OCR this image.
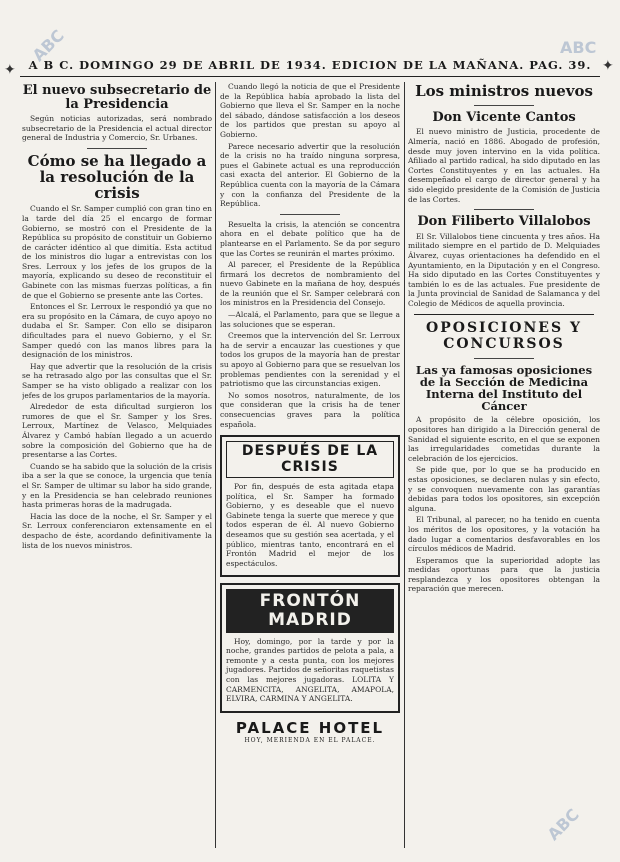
ABC	ABC
ABC
✦	✦
A B C. DOMINGO 29 DE ABRIL DE 1934. EDICION DE LA MAÑANA. PAG. 39.
El nuevo subsecretario de la Presidencia

Según noticias autorizadas, será nombrado subsecretario de la Presidencia el actual director general de Industria y Comercio, Sr. Urbanes.

Cómo se ha llegado a la resolución de la crisis

Cuando el Sr. Samper cumplió con gran tino en la tarde del día 25 el encargo de formar Gobierno, se mostró con el Presidente de la República su propósito de constituir un Gobierno de carácter idéntico al que dimitía. Esta actitud de los ministros dio lugar a entrevistas con los Sres. Lerroux y los jefes de los grupos de la mayoría, explicando su deseo de reconstituir el Gabinete con las mismas fuerzas políticas, a fin de que el Gobierno se presente ante las Cortes.

Entonces el Sr. Lerroux le respondió ya que no era su propósito en la Cámara, de cuyo apoyo no dudaba el Sr. Samper. Con ello se disiparon dificultades para el nuevo Gobierno, y el Sr. Samper quedó con las manos libres para la designación de los ministros.

Hay que advertir que la resolución de la crisis se ha retrasado algo por las consultas que el Sr. Samper se ha visto obligado a realizar con los jefes de los grupos parlamentarios de la mayoría.

Alrededor de esta dificultad surgieron los rumores de que el Sr. Samper y los Sres. Lerroux, Martínez de Velasco, Melquiades Álvarez y Cambó habían llegado a un acuerdo sobre la composición del Gobierno que ha de presentarse a las Cortes.

Cuando se ha sabido que la solución de la crisis iba a ser la que se conoce, la urgencia que tenía el Sr. Samper de ultimar su labor ha sido grande, y en la Presidencia se han celebrado reuniones hasta primeras horas de la madrugada.

Hacia las doce de la noche, el Sr. Samper y el Sr. Lerroux conferenciaron extensamente en el despacho de éste, acordando definitivamente la lista de los nuevos ministros.

Cuando llegó la noticia de que el Presidente de la República había aprobado la lista del Gobierno que lleva el Sr. Samper en la noche del sábado, dándose satisfacción a los deseos de los partidos que prestan su apoyo al Gobierno.

Parece necesario advertir que la resolución de la crisis no ha traído ninguna sorpresa, pues el Gabinete actual es una reproducción casi exacta del anterior. El Gobierno de la República cuenta con la mayoría de la Cámara y con la confianza del Presidente de la República.

Resuelta la crisis, la atención se concentra ahora en el debate político que ha de plantearse en el Parlamento. Se da por seguro que las Cortes se reunirán el martes próximo.

Al parecer, el Presidente de la República firmará los decretos de nombramiento del nuevo Gabinete en la mañana de hoy, después de la reunión que el Sr. Samper celebrará con los ministros en la Presidencia del Consejo.

—Alcalá, el Parlamento, para que se llegue a las soluciones que se esperan.

Creemos que la intervención del Sr. Lerroux ha de servir a encauzar las cuestiones y que todos los grupos de la mayoría han de prestar su apoyo al Gobierno para que se resuelvan los problemas pendientes con la serenidad y el patriotismo que las circunstancias exigen.

No somos nosotros, naturalmente, de los que consideran que la crisis ha de tener consecuencias graves para la política española.

DESPUÉS DE LA CRISIS

Por fin, después de esta agitada etapa política, el Sr. Samper ha formado Gobierno, y es deseable que el nuevo Gabinete tenga la suerte que merece y que todos esperan de él. Al nuevo Gobierno deseamos que su gestión sea acertada, y el público, mientras tanto, encontrará en el Frontón Madrid el mejor de los espectáculos.

FRONTÓN MADRID

Hoy, domingo, por la tarde y por la noche, grandes partidos de pelota a pala, a remonte y a cesta punta, con los mejores jugadores. Partidos de señoritas raquetistas con las mejores jugadoras. LOLITA Y CARMENCITA, ANGELITA, AMAPOLA, ELVIRA, CARMINA Y ANGELITA.

PALACE HOTEL
HOY, MERIENDA EN EL PALACE.
Los ministros nuevos
Don Vicente Cantos

El nuevo ministro de Justicia, procedente de Almería, nació en 1886. Abogado de profesión, desde muy joven intervino en la vida política. Afiliado al partido radical, ha sido diputado en las Cortes Constituyentes y en las actuales. Ha desempeñado el cargo de director general y ha sido elegido presidente de la Comisión de Justicia de las Cortes.

Don Filiberto Villalobos

El Sr. Villalobos tiene cincuenta y tres años. Ha militado siempre en el partido de D. Melquiades Álvarez, cuyas orientaciones ha defendido en el Ayuntamiento, en la Diputación y en el Congreso. Ha sido diputado en las Cortes Constituyentes y también lo es de las actuales. Fue presidente de la Junta provincial de Sanidad de Salamanca y del Colegio de Médicos de aquella provincia.

OPOSICIONES Y CONCURSOS
Las ya famosas oposiciones de la Sección de Medicina Interna del Instituto del Cáncer

A propósito de la célebre oposición, los opositores han dirigido a la Dirección general de Sanidad el siguiente escrito, en el que se exponen las irregularidades cometidas durante la celebración de los ejercicios.

Se pide que, por lo que se ha producido en estas oposiciones, se declaren nulas y sin efecto, y se convoquen nuevamente con las garantías debidas para todos los opositores, sin excepción alguna.

El Tribunal, al parecer, no ha tenido en cuenta los méritos de los opositores, y la votación ha dado lugar a comentarios desfavorables en los círculos médicos de Madrid.

Esperamos que la superioridad adopte las medidas oportunas para que la justicia resplandezca y los opositores obtengan la reparación que merecen.
